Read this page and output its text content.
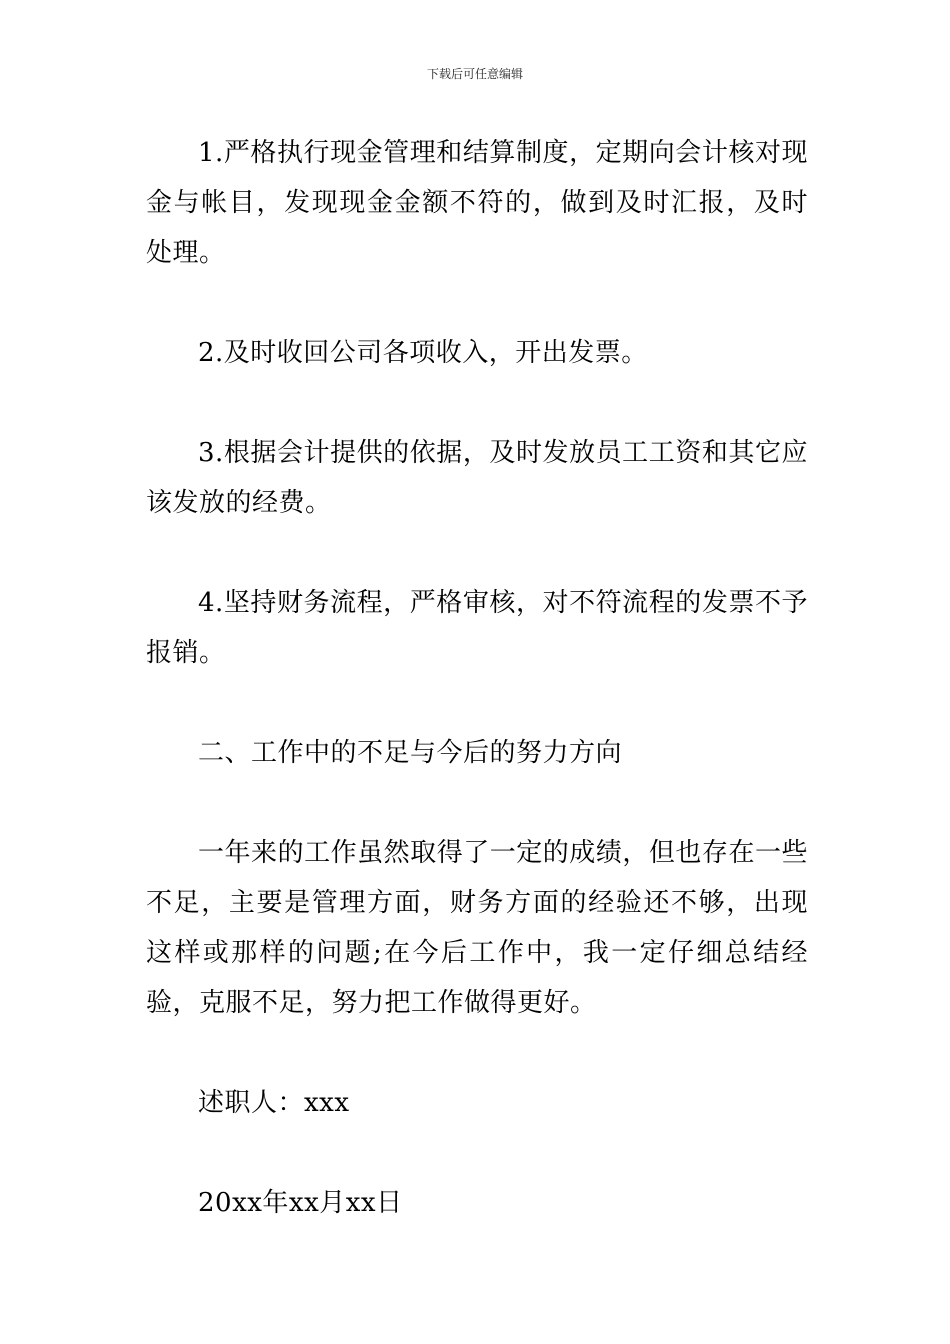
下载后可任意编辑

1.严格执行现金管理和结算制度，定期向会计核对现金与帐目，发现现金金额不符的，做到及时汇报，及时处理。

2.及时收回公司各项收入，开出发票。

3.根据会计提供的依据，及时发放员工工资和其它应该发放的经费。

4.坚持财务流程，严格审核，对不符流程的发票不予报销。

二、工作中的不足与今后的努力方向

一年来的工作虽然取得了一定的成绩，但也存在一些不足，主要是管理方面，财务方面的经验还不够，出现这样或那样的问题;在今后工作中，我一定仔细总结经验，克服不足，努力把工作做得更好。

述职人：xxx

20xx年xx月xx日
